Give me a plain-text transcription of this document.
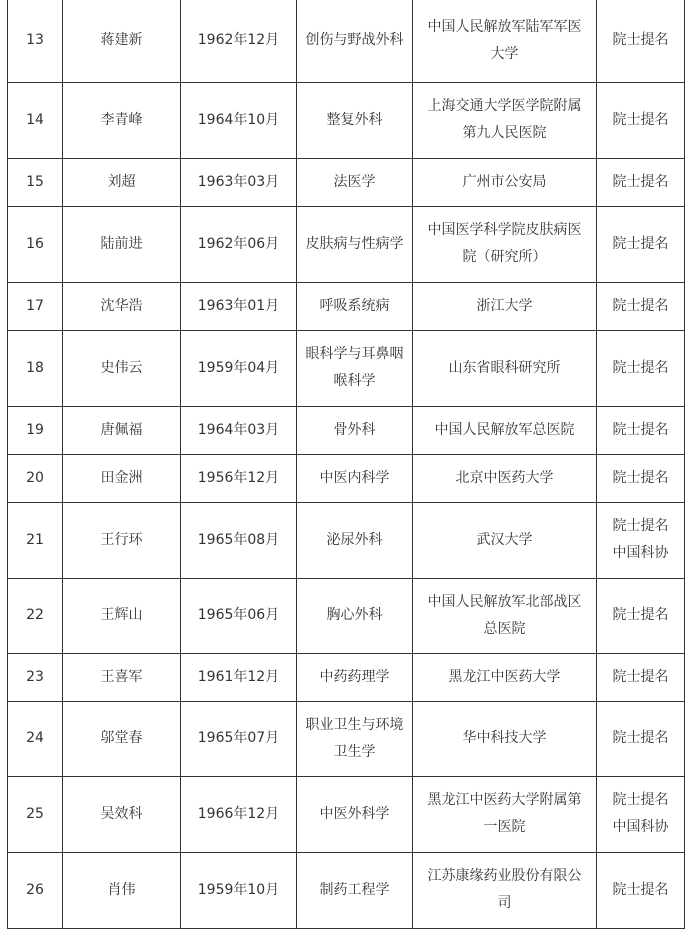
13	蒋建新	1962年12月	创伤与野战外科	中国人民解放军陆军军医大学	院士提名
14	李青峰	1964年10月	整复外科	上海交通大学医学院附属第九人民医院	院士提名
15	刘超	1963年03月	法医学	广州市公安局	院士提名
16	陆前进	1962年06月	皮肤病与性病学	中国医学科学院皮肤病医院（研究所）	院士提名
17	沈华浩	1963年01月	呼吸系统病	浙江大学	院士提名
18	史伟云	1959年04月	眼科学与耳鼻咽喉科学	山东省眼科研究所	院士提名
19	唐佩福	1964年03月	骨外科	中国人民解放军总医院	院士提名
20	田金洲	1956年12月	中医内科学	北京中医药大学	院士提名
21	王行环	1965年08月	泌尿外科	武汉大学	院士提名 中国科协
22	王辉山	1965年06月	胸心外科	中国人民解放军北部战区总医院	院士提名
23	王喜军	1961年12月	中药药理学	黑龙江中医药大学	院士提名
24	邬堂春	1965年07月	职业卫生与环境卫生学	华中科技大学	院士提名
25	吴效科	1966年12月	中医外科学	黑龙江中医药大学附属第一医院	院士提名 中国科协
26	肖伟	1959年10月	制药工程学	江苏康缘药业股份有限公司	院士提名
